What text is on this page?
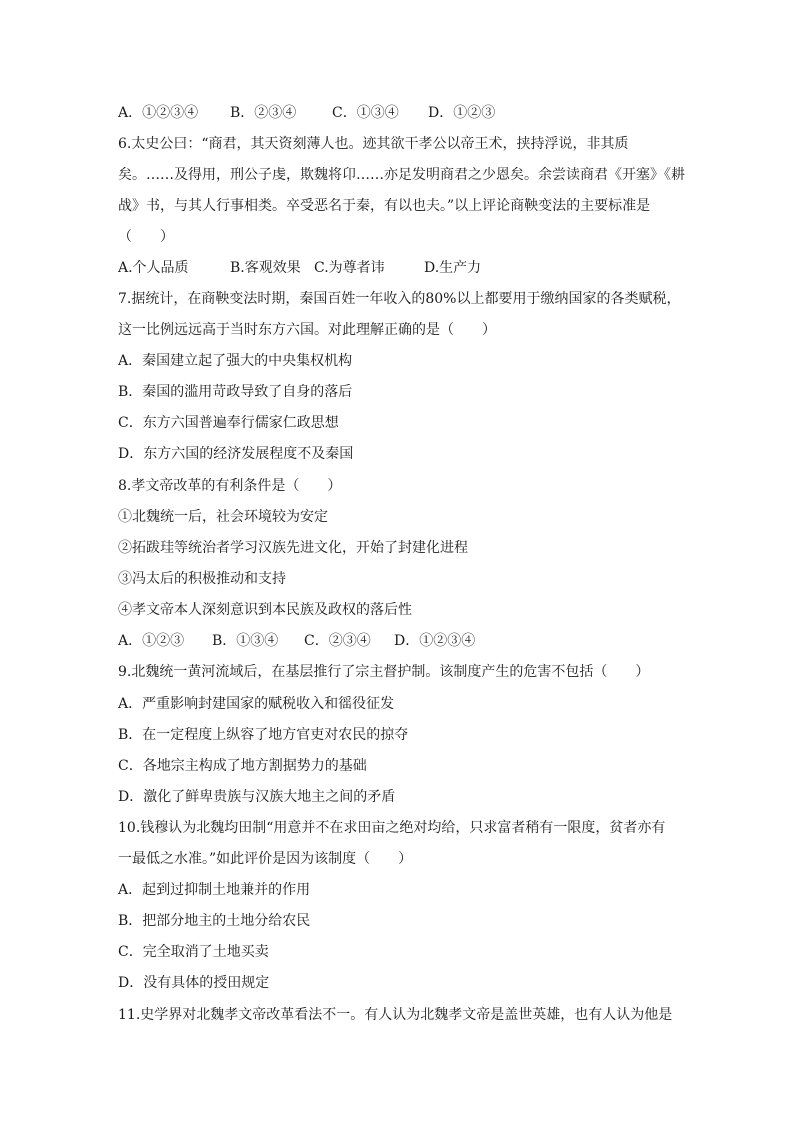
A．①②③④	B．②③④	C．①③④	D．①②③
6.太史公曰：“商君，其天资刻薄人也。迹其欲干孝公以帝王术，挟持浮说，非其质
矣。……及得用，刑公子虔，欺魏将卬……亦足发明商君之少恩矣。余尝读商君《开塞》《耕
战》书，与其人行事相类。卒受恶名于秦，有以也夫。”以上评论商鞅变法的主要标准是
（　　）
A.个人品质	B.客观效果 C.为尊者讳	D.生产力
7.据统计，在商鞅变法时期，秦国百姓一年收入的80%以上都要用于缴纳国家的各类赋税，
这一比例远远高于当时东方六国。对此理解正确的是（　　）
A．秦国建立起了强大的中央集权机构
B．秦国的滥用苛政导致了自身的落后
C．东方六国普遍奉行儒家仁政思想
D．东方六国的经济发展程度不及秦国
8.孝文帝改革的有利条件是（　　）
①北魏统一后，社会环境较为安定
②拓跋珪等统治者学习汉族先进文化，开始了封建化进程
③冯太后的积极推动和支持
④孝文帝本人深刻意识到本民族及政权的落后性
A．①②③	B．①③④	C．②③④	D．①②③④
9.北魏统一黄河流域后，在基层推行了宗主督护制。该制度产生的危害不包括（　　）
A．严重影响封建国家的赋税收入和徭役征发
B．在一定程度上纵容了地方官吏对农民的掠夺
C．各地宗主构成了地方割据势力的基础
D．激化了鲜卑贵族与汉族大地主之间的矛盾
10.钱穆认为北魏均田制“用意并不在求田亩之绝对均给，只求富者稍有一限度，贫者亦有
一最低之水准。”如此评价是因为该制度（　　）
A．起到过抑制土地兼并的作用
B．把部分地主的土地分给农民
C．完全取消了土地买卖
D．没有具体的授田规定
11.史学界对北魏孝文帝改革看法不一。有人认为北魏孝文帝是盖世英雄，也有人认为他是
